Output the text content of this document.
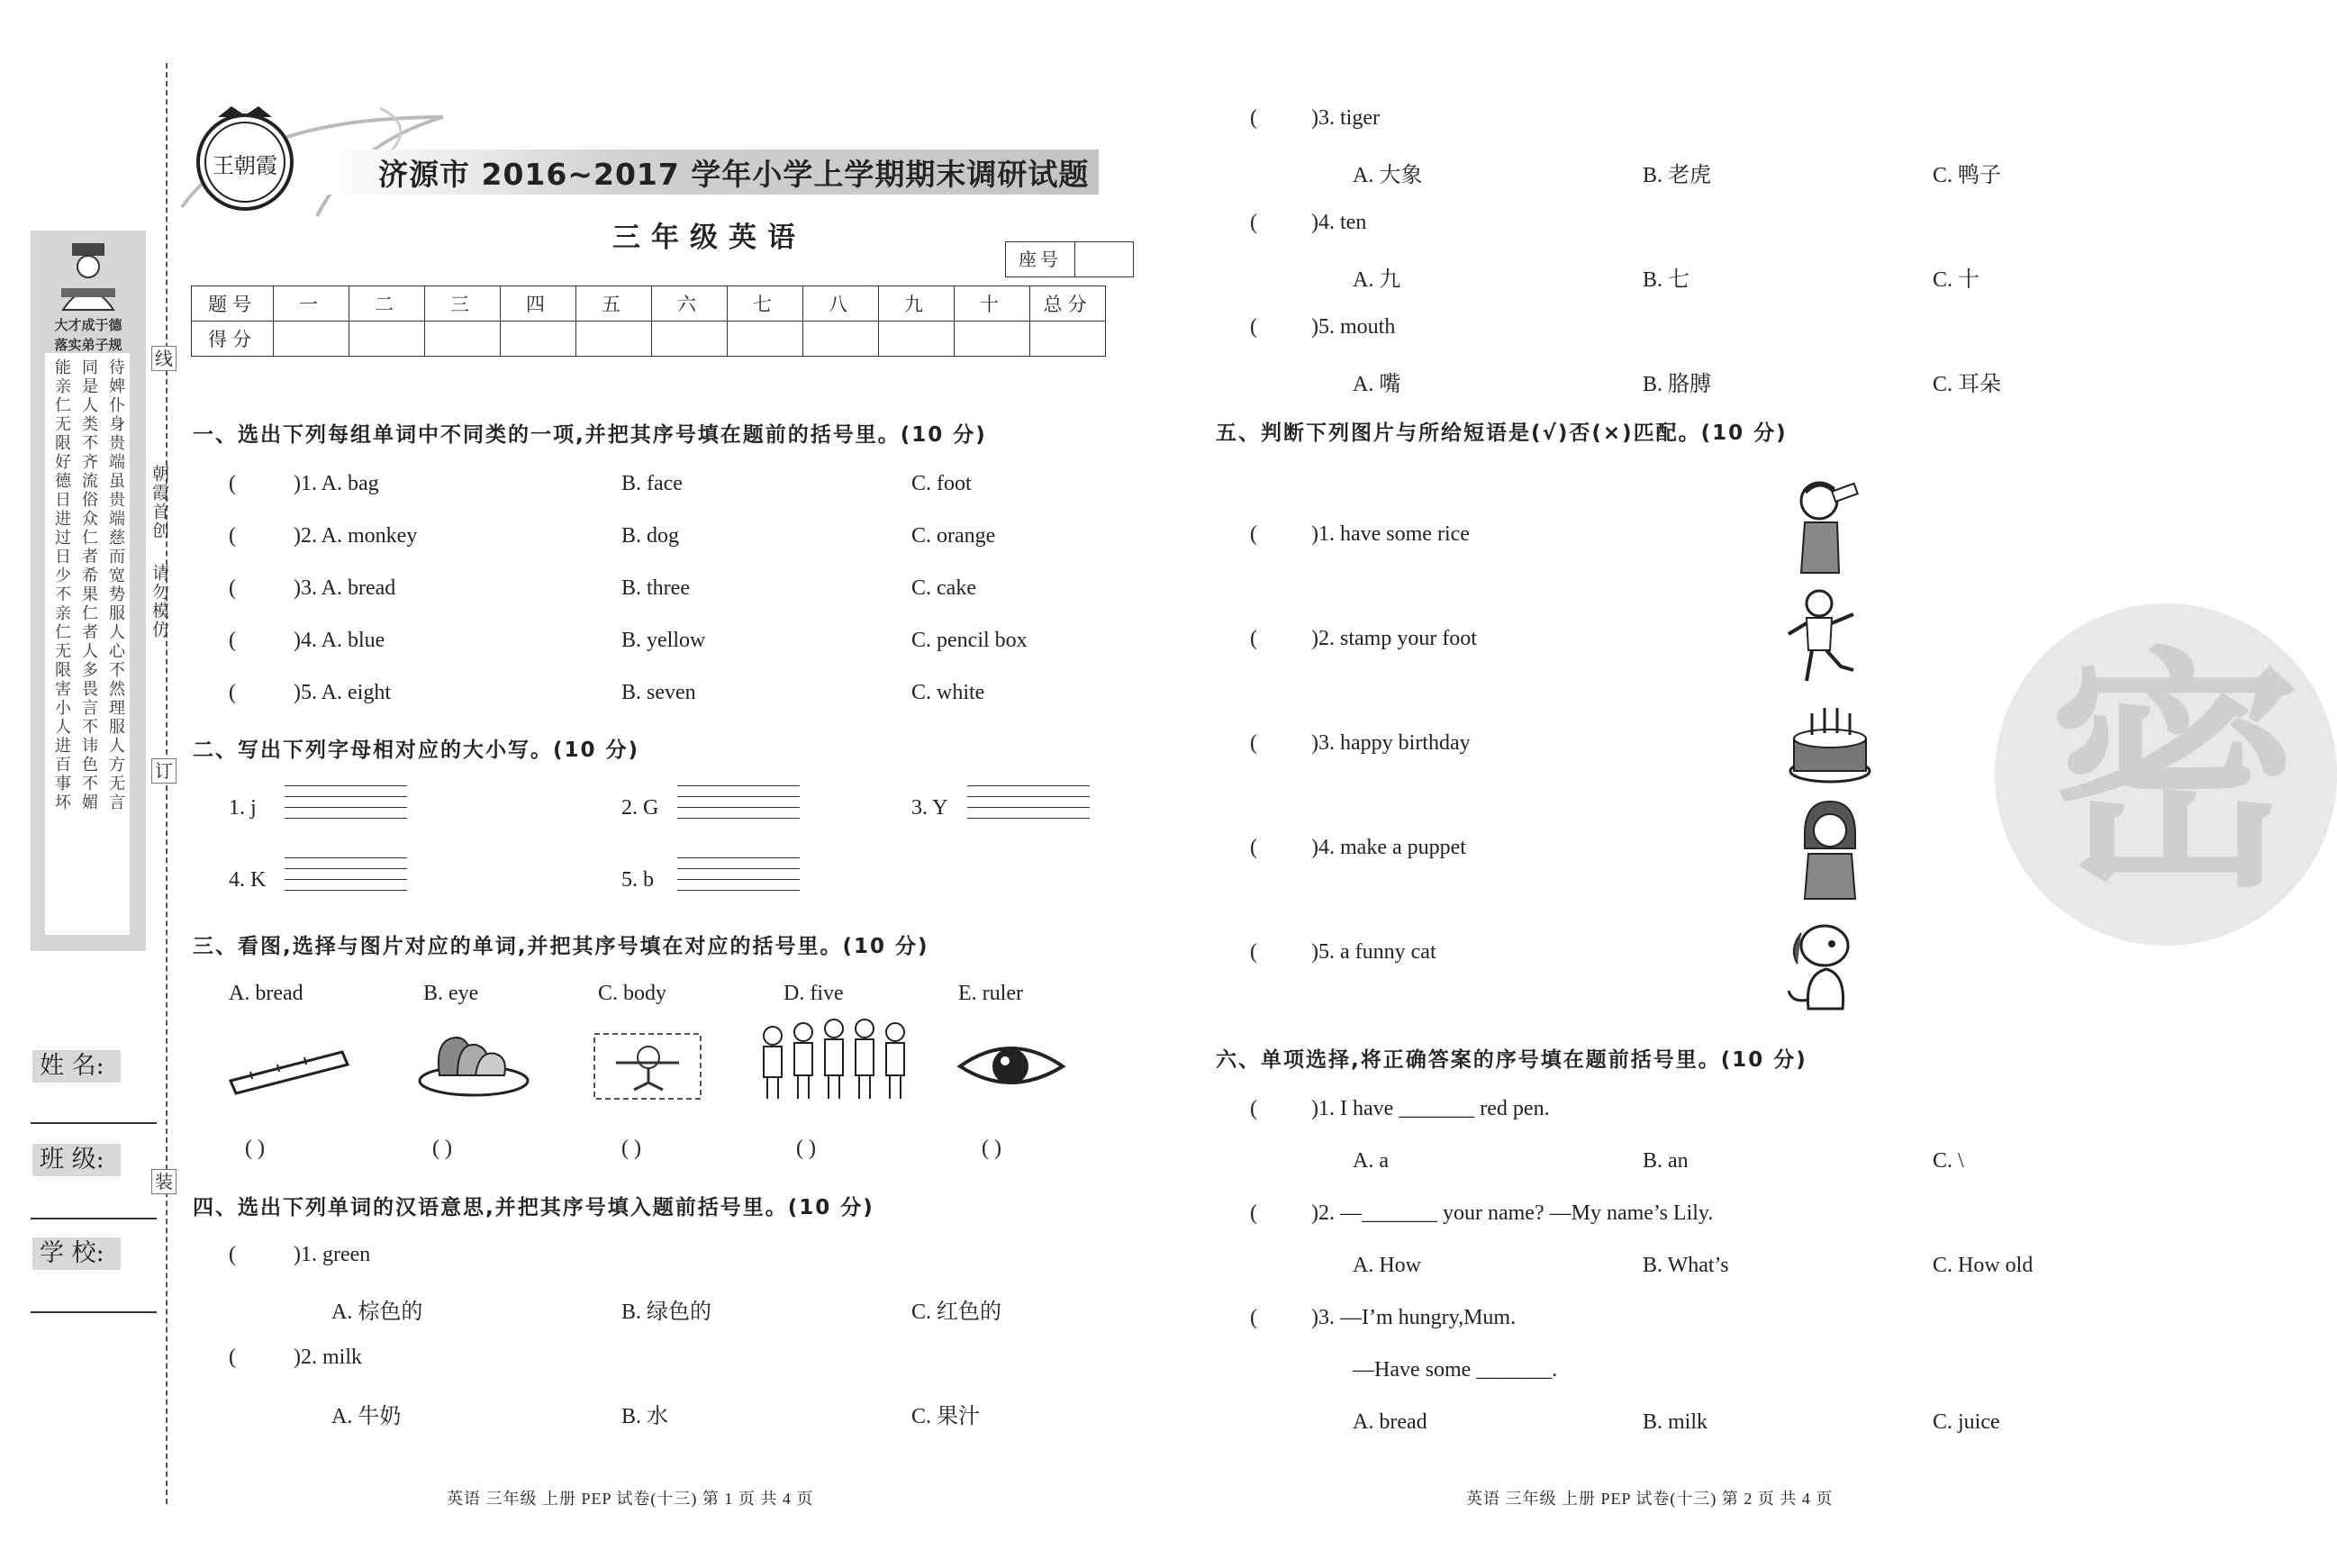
线
订
装
朝霞首创
请勿模仿
大才成于德
落实弟子规
能亲仁无限好德日进过日少不亲仁无限害小人进百事坏 同是人类不齐流俗众仁者希果仁者人多畏言不讳色不媚 待婢仆身贵端虽贵端慈而宽势服人心不然理服人方无言
姓 名:
班 级:
学 校:
王朝霞	济源市 2016~2017 学年小学上学期期末调研试题
三年级英语
座号
题号	一	二	三	四	五	六	七	八	九	十	总分
得分											
一、选出下列每组单词中不同类的一项,并把其序号填在题前的括号里。(10 分)
(	)1. A. bag	B. face	C. foot
(	)2. A. monkey	B. dog	C. orange
(	)3. A. bread	B. three	C. cake
(	)4. A. blue	B. yellow	C. pencil box
(	)5. A. eight	B. seven	C. white
二、写出下列字母相对应的大小写。(10 分)
1. j	2. G	3. Y
4. K	5. b
三、看图,选择与图片对应的单词,并把其序号填在对应的括号里。(10 分)
A. bread	B. eye	C. body	D. five	E. ruler
( )	( )	( )	( )	( )
四、选出下列单词的汉语意思,并把其序号填入题前括号里。(10 分)
(	)1. green
A. 棕色的	B. 绿色的	C. 红色的
(	)2. milk
A. 牛奶	B. 水	C. 果汁
英语 三年级 上册 PEP 试卷(十三) 第 1 页 共 4 页
(	)3. tiger
A. 大象	B. 老虎	C. 鸭子
(	)4. ten
A. 九	B. 七	C. 十
(	)5. mouth
A. 嘴	B. 胳膊	C. 耳朵
密
五、判断下列图片与所给短语是(√)否(×)匹配。(10 分)
(	)1. have some rice
(	)2. stamp your foot
(	)3. happy birthday
(	)4. make a puppet
(	)5. a funny cat
六、单项选择,将正确答案的序号填在题前括号里。(10 分)
(	)1. I have _______ red pen.
A. a	B. an	C. \
(	)2. —_______ your name? —My name’s Lily.
A. How	B. What’s	C. How old
(	)3. —I’m hungry,Mum.
—Have some _______.
A. bread	B. milk	C. juice
英语 三年级 上册 PEP 试卷(十三) 第 2 页 共 4 页
